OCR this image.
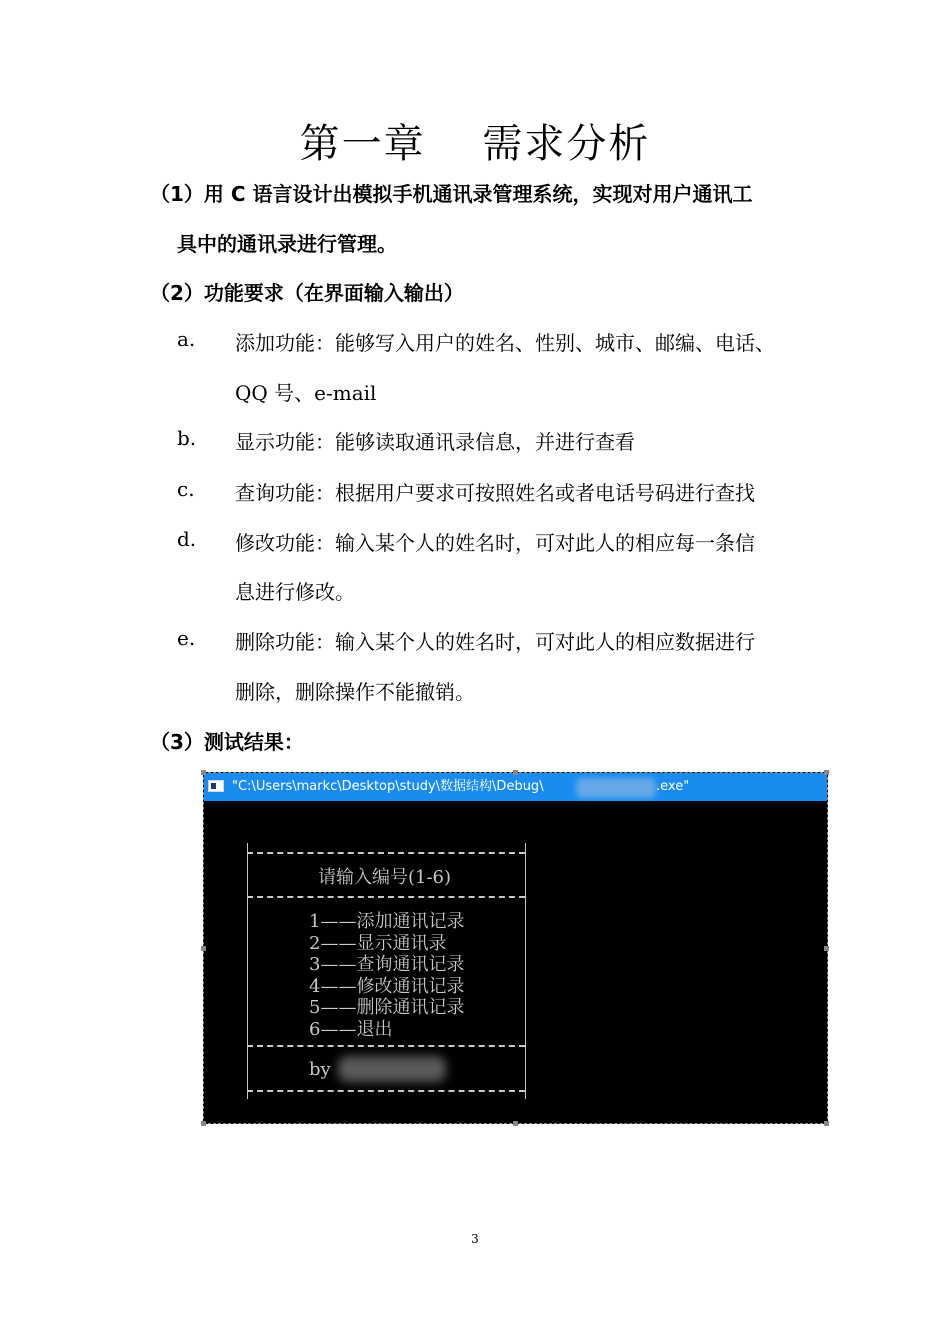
第一章　 需求分析
（1）用 C 语言设计出模拟手机通讯录管理系统，实现对用户通讯工
具中的通讯录进行管理。
（2）功能要求（在界面输入输出）
a. 添加功能：能够写入用户的姓名、性别、城市、邮编、电话、
QQ 号、e-mail
b. 显示功能：能够读取通讯录信息，并进行查看
c. 查询功能：根据用户要求可按照姓名或者电话号码进行查找
d. 修改功能：输入某个人的姓名时，可对此人的相应每一条信
息进行修改。
e. 删除功能：输入某个人的姓名时，可对此人的相应数据进行
删除，删除操作不能撤销。
（3）测试结果：
"C:\Users\markc\Desktop\study\数据结构\Debug\	.exe"
请输入编号(1-6)
1——添加通讯记录
2——显示通讯录
3——查询通讯记录
4——修改通讯记录
5——删除通讯记录
6——退出
by
3
